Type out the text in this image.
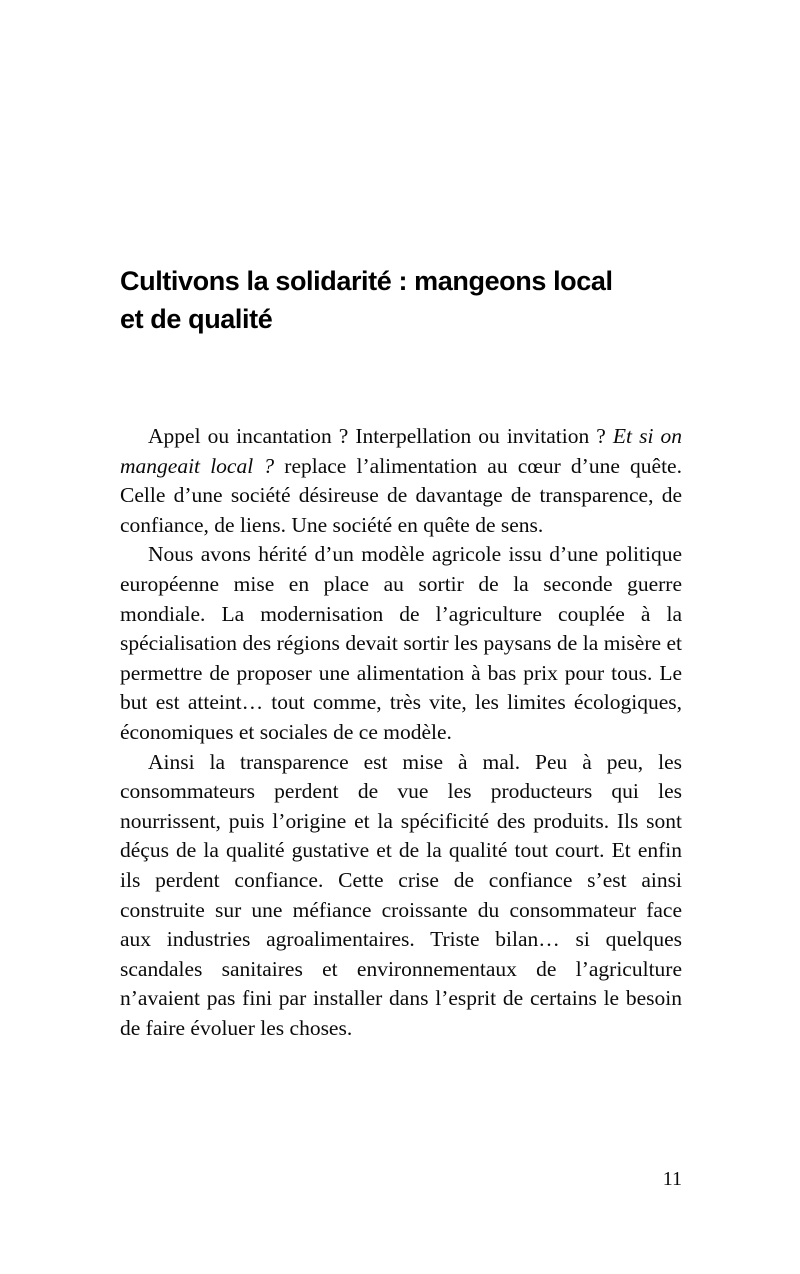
Cultivons la solidarité : mangeons local
et de qualité

Appel ou incantation ? Interpellation ou invitation ? Et si on mangeait local ? replace l’alimentation au cœur d’une quête. Celle d’une société désireuse de davantage de transparence, de confiance, de liens. Une société en quête de sens.

Nous avons hérité d’un modèle agricole issu d’une politique européenne mise en place au sortir de la seconde guerre mondiale. La modernisation de l’agriculture couplée à la spécialisation des régions devait sortir les paysans de la misère et permettre de proposer une alimentation à bas prix pour tous. Le but est atteint… tout comme, très vite, les limites écologiques, économiques et sociales de ce modèle.

Ainsi la transparence est mise à mal. Peu à peu, les consommateurs perdent de vue les producteurs qui les nourrissent, puis l’origine et la spécificité des produits. Ils sont déçus de la qualité gustative et de la qualité tout court. Et enfin ils perdent confiance. Cette crise de confiance s’est ainsi construite sur une méfiance croissante du consommateur face aux industries agroalimentaires. Triste bilan… si quelques scandales sanitaires et environnementaux de l’agriculture n’avaient pas fini par installer dans l’esprit de certains le besoin de faire évoluer les choses.

11
